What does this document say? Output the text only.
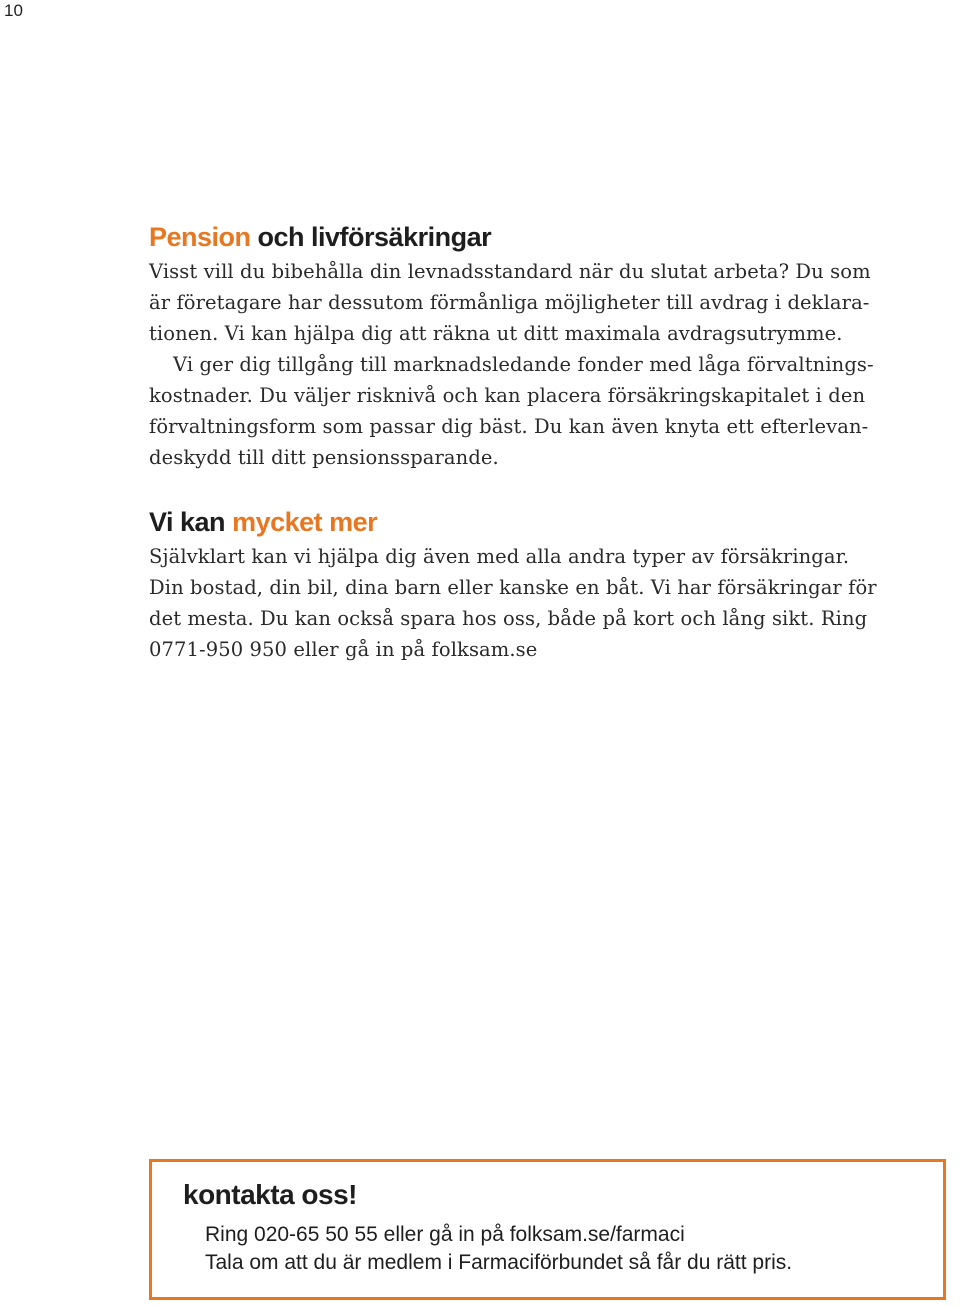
10
Pension och livförsäkringar

Visst vill du bibehålla din levnadsstandard när du slutat arbeta? Du som
är företagare har dessutom förmånliga möjligheter till avdrag i deklara-
tionen. Vi kan hjälpa dig att räkna ut ditt maximala avdragsutrymme.
Vi ger dig tillgång till marknadsledande fonder med låga förvaltnings-
kostnader. Du väljer risknivå och kan placera försäkringskapitalet i den
förvaltningsform som passar dig bäst. Du kan även knyta ett efterlevan-
deskydd till ditt pensionssparande.

Vi kan mycket mer

Självklart kan vi hjälpa dig även med alla andra typer av försäkringar.
Din bostad, din bil, dina barn eller kanske en båt. Vi har försäkringar för
det mesta. Du kan också spara hos oss, både på kort och lång sikt. Ring
0771-950 950 eller gå in på folksam.se

kontakta oss!
Ring 020-65 50 55 eller gå in på folksam.se/farmaci
Tala om att du är medlem i Farmaciförbundet så får du rätt pris.
